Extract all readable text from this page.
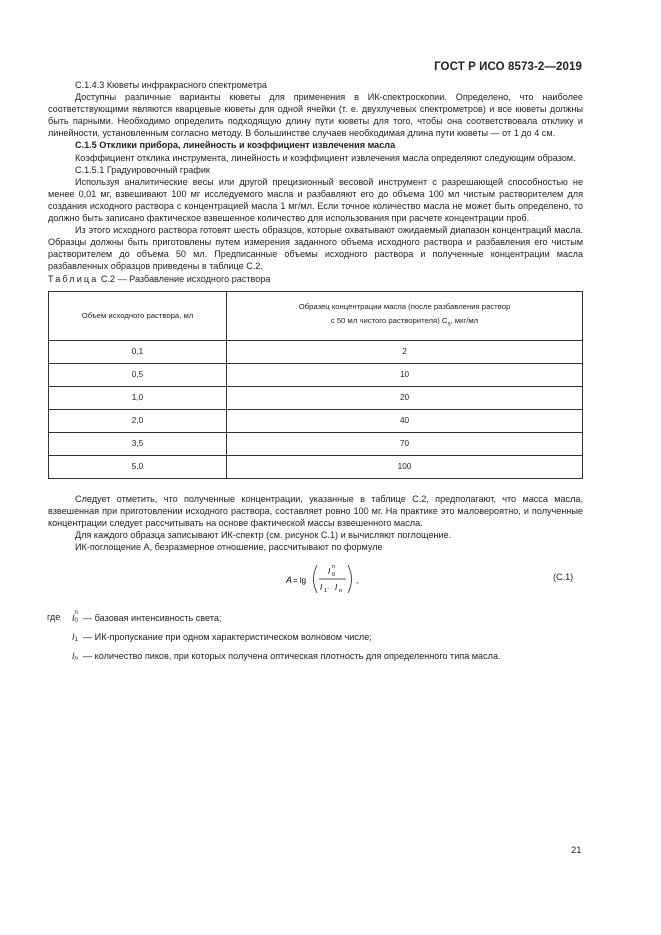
ГОСТ Р ИСО 8573-2—2019

C.1.4.3 Кюветы инфракрасного спектрометра

Доступны различные варианты кюветы для применения в ИК-спектроскопии. Определено, что наиболее соответствующими являются кварцевые кюветы для одной ячейки (т. е. двухлучевых спектрометров) и все кюветы должны быть парными. Необходимо определить подходящую длину пути кюветы для того, чтобы она соответствовала отклику и линейности, установленным согласно методу. В большинстве случаев необходимая длина пути кюветы — от 1 до 4 см.

С.1.5 Отклики прибора, линейность и коэффициент извлечения масла

Коэффициент отклика инструмента, линейность и коэффициент извлечения масла определяют следующим образом.

С.1.5.1 Градуировочный график

Используя аналитические весы или другой прецизионный весовой инструмент с разрешающей способностью не менее 0,01 мг, взвешивают 100 мг исследуемого масла и разбавляют его до объема 100 мл чистым растворителем для создания исходного раствора с концентрацией масла 1 мг/мл. Если точное количество масла не может быть определено, то должно быть записано фактическое взвешенное количество для использования при расчете концентрации проб.

Из этого исходного раствора готовят шесть образцов, которые охватывают ожидаемый диапазон концентраций масла. Образцы должны быть приготовлены путем измерения заданного объема исходного раствора и разбавления его чистым растворителем до объема 50 мл. Предписанные объемы исходного раствора и полученные концентрации масла разбавленных образцов приведены в таблице С.2.

Таблица С.2 — Разбавление исходного раствора

Объем исходного раствора, мл	Образец концентрации масла (после разбавления раствор
с 50 мл чистого растворителя) $C_s$, мкг/мл
0,1	2
0,5	10
1,0	20
2,0	40
3,5	70
5,0	100

Следует отметить, что полученные концентрации, указанные в таблице С.2, предполагают, что масса масла, взвешенная при приготовлении исходного раствора, составляет ровно 100 мг. На практике это маловероятно, и полученные концентрации следует рассчитывать на основе фактической массы взвешенного масла.

Для каждого образца записывают ИК-спектр (см. рисунок С.1) и вычисляют поглощение.

ИК-поглощение A, безразмерное отношение, рассчитывают по формуле

A = lg
I n
0
I 1 · I n
,	(С.1)
где I n
0 — базовая интенсивность света;
I 1 — ИК-пропускание при одном характеристическом волновом числе;
I n — количество пиков, при которых получена оптическая плотность для определенного типа масла.
21
